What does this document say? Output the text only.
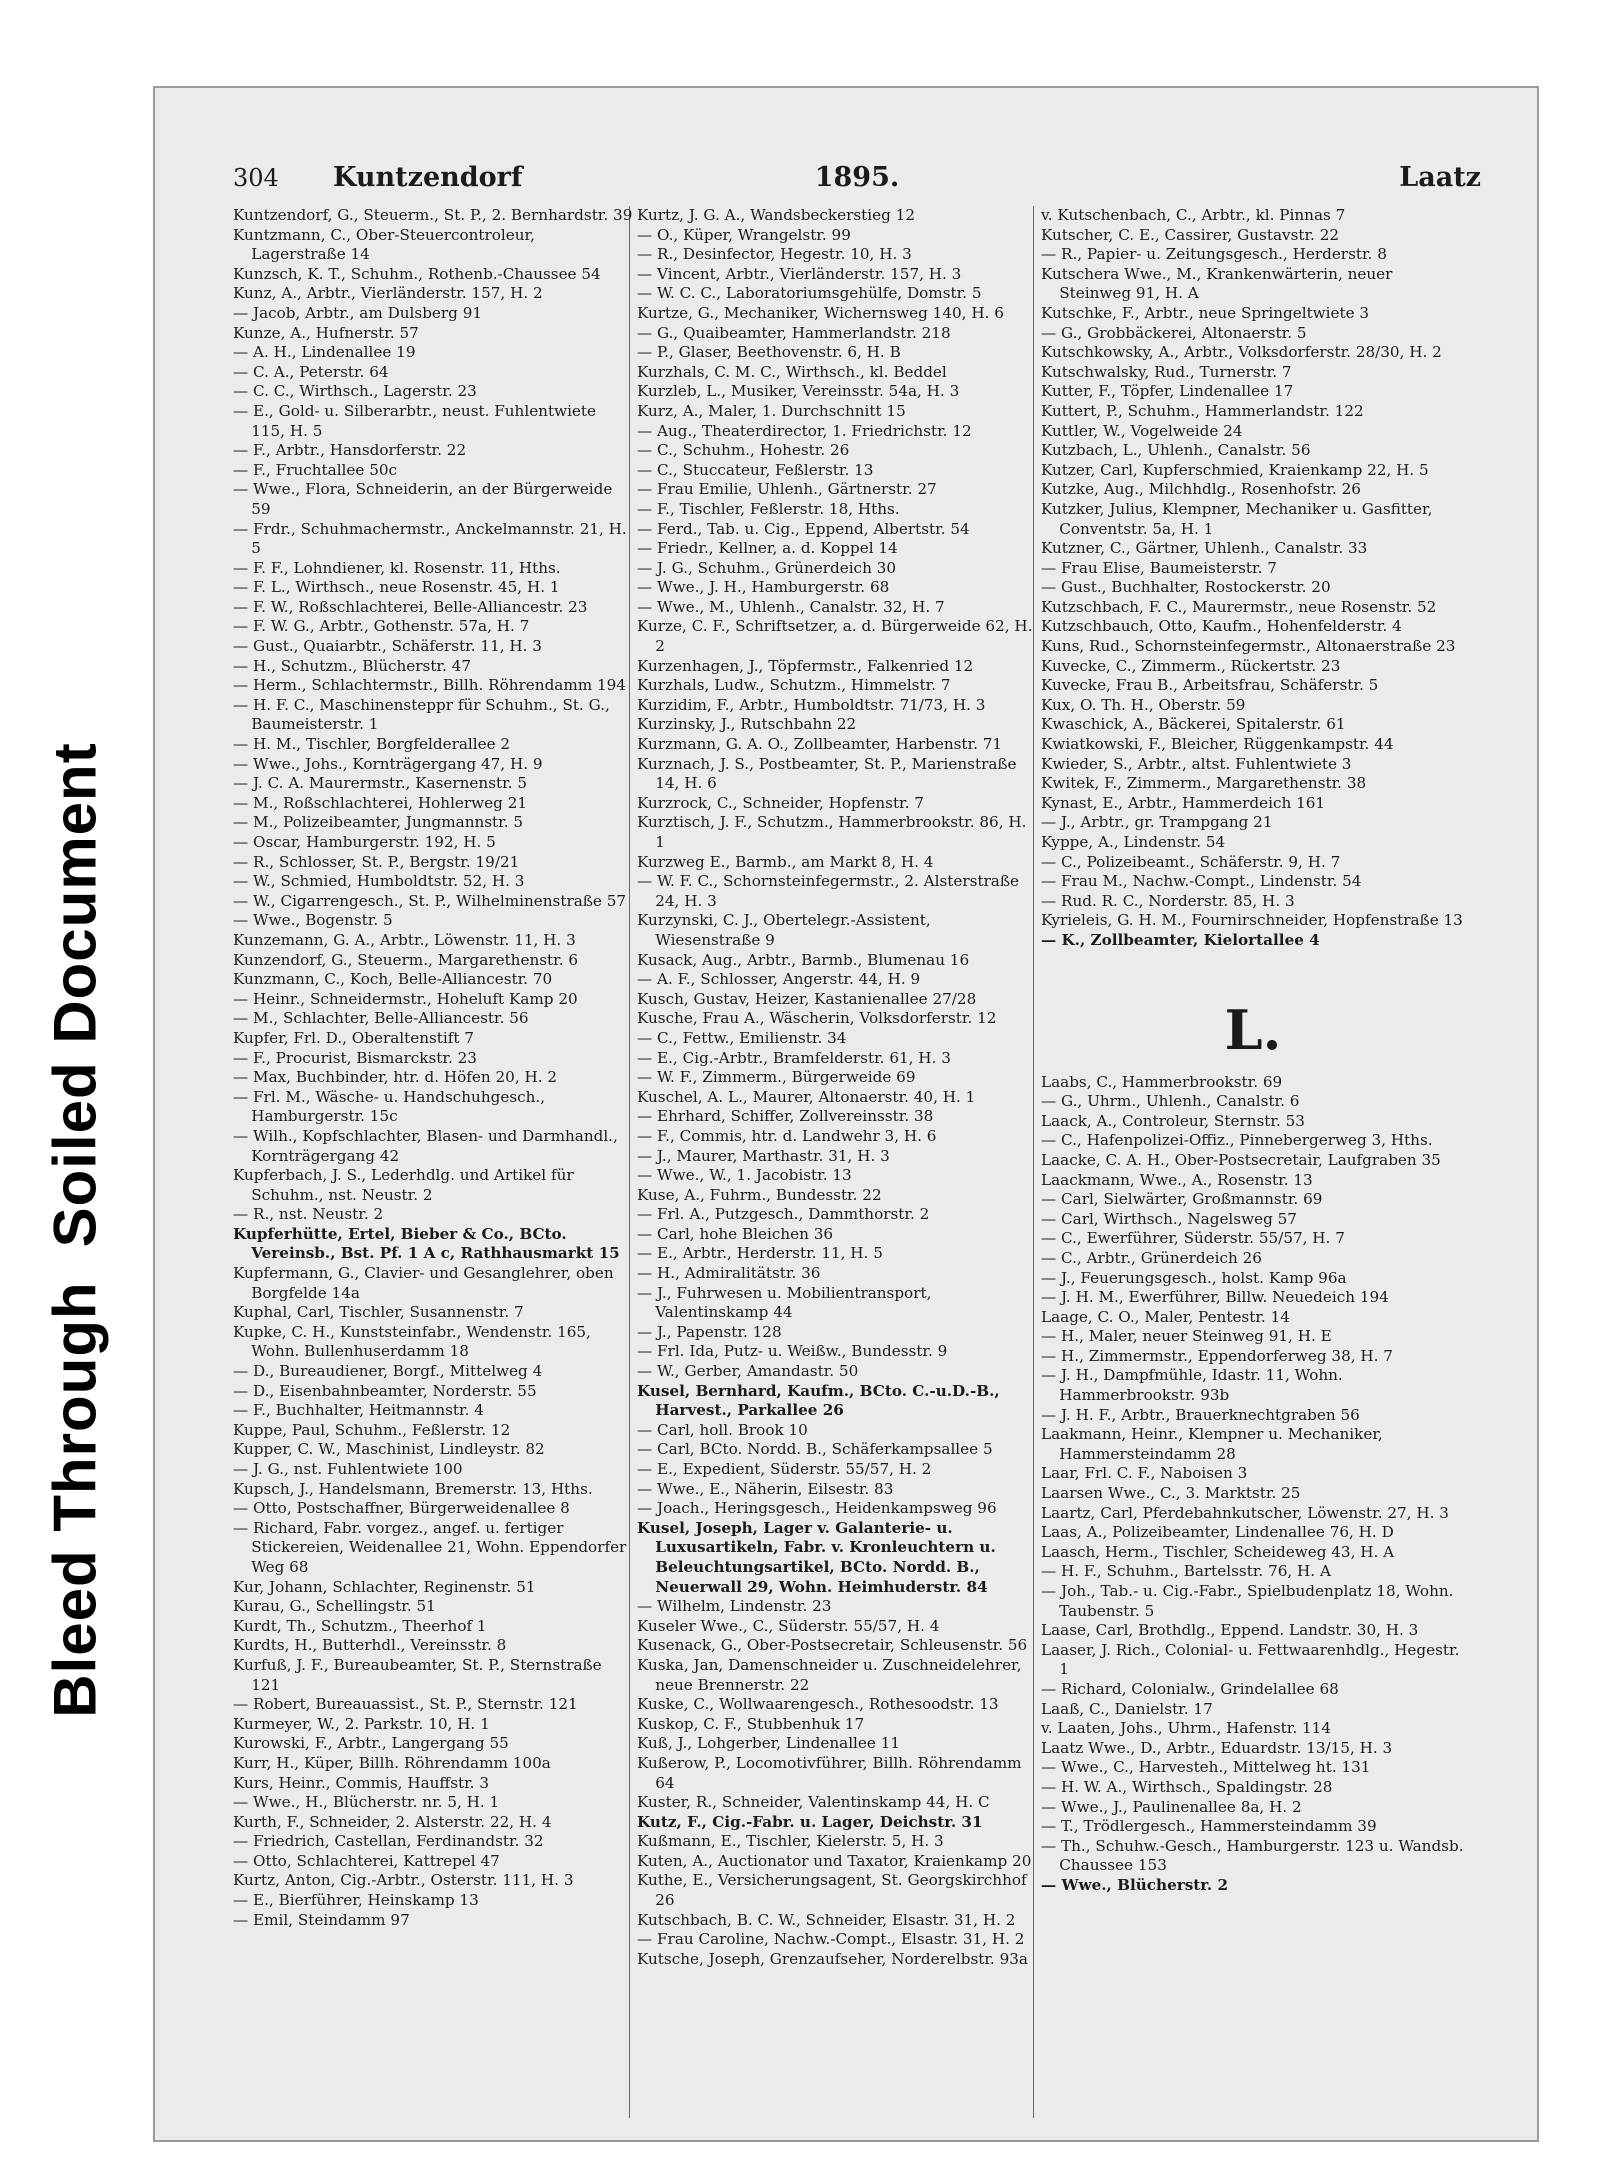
Bleed ThroughSoiled Document
304 Kuntzendorf	1895.	Laatz
Kuntzendorf, G., Steuerm., St. P., 2. Bernhardstr. 39
Kuntzmann, C., Ober-Steuercontroleur, Lagerstraße 14
Kunzsch, K. T., Schuhm., Rothenb.-Chaussee 54
Kunz, A., Arbtr., Vierländerstr. 157, H. 2
— Jacob, Arbtr., am Dulsberg 91
Kunze, A., Hufnerstr. 57
— A. H., Lindenallee 19
— C. A., Peterstr. 64
— C. C., Wirthsch., Lagerstr. 23
— E., Gold- u. Silberarbtr., neust. Fuhlentwiete 115, H. 5
— F., Arbtr., Hansdorferstr. 22
— F., Fruchtallee 50c
— Wwe., Flora, Schneiderin, an der Bürgerweide 59
— Frdr., Schuhmachermstr., Anckelmannstr. 21, H. 5
— F. F., Lohndiener, kl. Rosenstr. 11, Hths.
— F. L., Wirthsch., neue Rosenstr. 45, H. 1
— F. W., Roßschlachterei, Belle-Alliancestr. 23
— F. W. G., Arbtr., Gothenstr. 57a, H. 7
— Gust., Quaiarbtr., Schäferstr. 11, H. 3
— H., Schutzm., Blücherstr. 47
— Herm., Schlachtermstr., Billh. Röhrendamm 194
— H. F. C., Maschinensteppr für Schuhm., St. G., Baumeisterstr. 1
— H. M., Tischler, Borgfelderallee 2
— Wwe., Johs., Kornträgergang 47, H. 9
— J. C. A. Maurermstr., Kasernenstr. 5
— M., Roßschlachterei, Hohlerweg 21
— M., Polizeibeamter, Jungmannstr. 5
— Oscar, Hamburgerstr. 192, H. 5
— R., Schlosser, St. P., Bergstr. 19/21
— W., Schmied, Humboldtstr. 52, H. 3
— W., Cigarrengesch., St. P., Wilhelminenstraße 57
— Wwe., Bogenstr. 5
Kunzemann, G. A., Arbtr., Löwenstr. 11, H. 3
Kunzendorf, G., Steuerm., Margarethenstr. 6
Kunzmann, C., Koch, Belle-Alliancestr. 70
— Heinr., Schneidermstr., Hoheluft Kamp 20
— M., Schlachter, Belle-Alliancestr. 56
Kupfer, Frl. D., Oberaltenstift 7
— F., Procurist, Bismarckstr. 23
— Max, Buchbinder, htr. d. Höfen 20, H. 2
— Frl. M., Wäsche- u. Handschuhgesch., Hamburgerstr. 15c
— Wilh., Kopfschlachter, Blasen- und Darmhandl., Kornträgergang 42
Kupferbach, J. S., Lederhdlg. und Artikel für Schuhm., nst. Neustr. 2
— R., nst. Neustr. 2
Kupferhütte, Ertel, Bieber & Co., BCto. Vereinsb., Bst. Pf. 1 A c, Rathhausmarkt 15
Kupfermann, G., Clavier- und Gesanglehrer, oben Borgfelde 14a
Kuphal, Carl, Tischler, Susannenstr. 7
Kupke, C. H., Kunststeinfabr., Wendenstr. 165, Wohn. Bullenhuserdamm 18
— D., Bureaudiener, Borgf., Mittelweg 4
— D., Eisenbahnbeamter, Norderstr. 55
— F., Buchhalter, Heitmannstr. 4
Kuppe, Paul, Schuhm., Feßlerstr. 12
Kupper, C. W., Maschinist, Lindleystr. 82
— J. G., nst. Fuhlentwiete 100
Kupsch, J., Handelsmann, Bremerstr. 13, Hths.
— Otto, Postschaffner, Bürgerweidenallee 8
— Richard, Fabr. vorgez., angef. u. fertiger Stickereien, Weidenallee 21, Wohn. Eppendorfer Weg 68
Kur, Johann, Schlachter, Reginenstr. 51
Kurau, G., Schellingstr. 51
Kurdt, Th., Schutzm., Theerhof 1
Kurdts, H., Butterhdl., Vereinsstr. 8
Kurfuß, J. F., Bureaubeamter, St. P., Sternstraße 121
— Robert, Bureauassist., St. P., Sternstr. 121
Kurmeyer, W., 2. Parkstr. 10, H. 1
Kurowski, F., Arbtr., Langergang 55
Kurr, H., Küper, Billh. Röhrendamm 100a
Kurs, Heinr., Commis, Hauffstr. 3
— Wwe., H., Blücherstr. nr. 5, H. 1
Kurth, F., Schneider, 2. Alsterstr. 22, H. 4
— Friedrich, Castellan, Ferdinandstr. 32
— Otto, Schlachterei, Kattrepel 47
Kurtz, Anton, Cig.-Arbtr., Osterstr. 111, H. 3
— E., Bierführer, Heinskamp 13
— Emil, Steindamm 97
Kurtz, J. G. A., Wandsbeckerstieg 12
— O., Küper, Wrangelstr. 99
— R., Desinfector, Hegestr. 10, H. 3
— Vincent, Arbtr., Vierländerstr. 157, H. 3
— W. C. C., Laboratoriumsgehülfe, Domstr. 5
Kurtze, G., Mechaniker, Wichernsweg 140, H. 6
— G., Quaibeamter, Hammerlandstr. 218
— P., Glaser, Beethovenstr. 6, H. B
Kurzhals, C. M. C., Wirthsch., kl. Beddel
Kurzleb, L., Musiker, Vereinsstr. 54a, H. 3
Kurz, A., Maler, 1. Durchschnitt 15
— Aug., Theaterdirector, 1. Friedrichstr. 12
— C., Schuhm., Hohestr. 26
— C., Stuccateur, Feßlerstr. 13
— Frau Emilie, Uhlenh., Gärtnerstr. 27
— F., Tischler, Feßlerstr. 18, Hths.
— Ferd., Tab. u. Cig., Eppend, Albertstr. 54
— Friedr., Kellner, a. d. Koppel 14
— J. G., Schuhm., Grünerdeich 30
— Wwe., J. H., Hamburgerstr. 68
— Wwe., M., Uhlenh., Canalstr. 32, H. 7
Kurze, C. F., Schriftsetzer, a. d. Bürgerweide 62, H. 2
Kurzenhagen, J., Töpfermstr., Falkenried 12
Kurzhals, Ludw., Schutzm., Himmelstr. 7
Kurzidim, F., Arbtr., Humboldtstr. 71/73, H. 3
Kurzinsky, J., Rutschbahn 22
Kurzmann, G. A. O., Zollbeamter, Harbenstr. 71
Kurznach, J. S., Postbeamter, St. P., Marienstraße 14, H. 6
Kurzrock, C., Schneider, Hopfenstr. 7
Kurztisch, J. F., Schutzm., Hammerbrookstr. 86, H. 1
Kurzweg E., Barmb., am Markt 8, H. 4
— W. F. C., Schornsteinfegermstr., 2. Alsterstraße 24, H. 3
Kurzynski, C. J., Obertelegr.-Assistent, Wiesenstraße 9
Kusack, Aug., Arbtr., Barmb., Blumenau 16
— A. F., Schlosser, Angerstr. 44, H. 9
Kusch, Gustav, Heizer, Kastanienallee 27/28
Kusche, Frau A., Wäscherin, Volksdorferstr. 12
— C., Fettw., Emilienstr. 34
— E., Cig.-Arbtr., Bramfelderstr. 61, H. 3
— W. F., Zimmerm., Bürgerweide 69
Kuschel, A. L., Maurer, Altonaerstr. 40, H. 1
— Ehrhard, Schiffer, Zollvereinsstr. 38
— F., Commis, htr. d. Landwehr 3, H. 6
— J., Maurer, Marthastr. 31, H. 3
— Wwe., W., 1. Jacobistr. 13
Kuse, A., Fuhrm., Bundesstr. 22
— Frl. A., Putzgesch., Dammthorstr. 2
— Carl, hohe Bleichen 36
— E., Arbtr., Herderstr. 11, H. 5
— H., Admiralitätstr. 36
— J., Fuhrwesen u. Mobilientransport, Valentinskamp 44
— J., Papenstr. 128
— Frl. Ida, Putz- u. Weißw., Bundesstr. 9
— W., Gerber, Amandastr. 50
Kusel, Bernhard, Kaufm., BCto. C.-u.D.-B., Harvest., Parkallee 26
— Carl, holl. Brook 10
— Carl, BCto. Nordd. B., Schäferkampsallee 5
— E., Expedient, Süderstr. 55/57, H. 2
— Wwe., E., Näherin, Eilsestr. 83
— Joach., Heringsgesch., Heidenkampsweg 96
Kusel, Joseph, Lager v. Galanterie- u. Luxusartikeln, Fabr. v. Kronleuchtern u. Beleuchtungsartikel, BCto. Nordd. B., Neuerwall 29, Wohn. Heimhuderstr. 84
— Wilhelm, Lindenstr. 23
Kuseler Wwe., C., Süderstr. 55/57, H. 4
Kusenack, G., Ober-Postsecretair, Schleusenstr. 56
Kuska, Jan, Damenschneider u. Zuschneidelehrer, neue Brennerstr. 22
Kuske, C., Wollwaarengesch., Rothesoodstr. 13
Kuskop, C. F., Stubbenhuk 17
Kuß, J., Lohgerber, Lindenallee 11
Kußerow, P., Locomotivführer, Billh. Röhrendamm 64
Kuster, R., Schneider, Valentinskamp 44, H. C
Kutz, F., Cig.-Fabr. u. Lager, Deichstr. 31
Kußmann, E., Tischler, Kielerstr. 5, H. 3
Kuten, A., Auctionator und Taxator, Kraienkamp 20
Kuthe, E., Versicherungsagent, St. Georgskirchhof 26
Kutschbach, B. C. W., Schneider, Elsastr. 31, H. 2
— Frau Caroline, Nachw.-Compt., Elsastr. 31, H. 2
Kutsche, Joseph, Grenzaufseher, Norderelbstr. 93a
v. Kutschenbach, C., Arbtr., kl. Pinnas 7
Kutscher, C. E., Cassirer, Gustavstr. 22
— R., Papier- u. Zeitungsgesch., Herderstr. 8
Kutschera Wwe., M., Krankenwärterin, neuer Steinweg 91, H. A
Kutschke, F., Arbtr., neue Springeltwiete 3
— G., Grobbäckerei, Altonaerstr. 5
Kutschkowsky, A., Arbtr., Volksdorferstr. 28/30, H. 2
Kutschwalsky, Rud., Turnerstr. 7
Kutter, F., Töpfer, Lindenallee 17
Kuttert, P., Schuhm., Hammerlandstr. 122
Kuttler, W., Vogelweide 24
Kutzbach, L., Uhlenh., Canalstr. 56
Kutzer, Carl, Kupferschmied, Kraienkamp 22, H. 5
Kutzke, Aug., Milchhdlg., Rosenhofstr. 26
Kutzker, Julius, Klempner, Mechaniker u. Gasfitter, Conventstr. 5a, H. 1
Kutzner, C., Gärtner, Uhlenh., Canalstr. 33
— Frau Elise, Baumeisterstr. 7
— Gust., Buchhalter, Rostockerstr. 20
Kutzschbach, F. C., Maurermstr., neue Rosenstr. 52
Kutzschbauch, Otto, Kaufm., Hohenfelderstr. 4
Kuns, Rud., Schornsteinfegermstr., Altonaerstraße 23
Kuvecke, C., Zimmerm., Rückertstr. 23
Kuvecke, Frau B., Arbeitsfrau, Schäferstr. 5
Kux, O. Th. H., Oberstr. 59
Kwaschick, A., Bäckerei, Spitalerstr. 61
Kwiatkowski, F., Bleicher, Rüggenkampstr. 44
Kwieder, S., Arbtr., altst. Fuhlentwiete 3
Kwitek, F., Zimmerm., Margarethenstr. 38
Kynast, E., Arbtr., Hammerdeich 161
— J., Arbtr., gr. Trampgang 21
Kyppe, A., Lindenstr. 54
— C., Polizeibeamt., Schäferstr. 9, H. 7
— Frau M., Nachw.-Compt., Lindenstr. 54
— Rud. R. C., Norderstr. 85, H. 3
Kyrieleis, G. H. M., Fournirschneider, Hopfenstraße 13
— K., Zollbeamter, Kielortallee 4
L.
Laabs, C., Hammerbrookstr. 69
— G., Uhrm., Uhlenh., Canalstr. 6
Laack, A., Controleur, Sternstr. 53
— C., Hafenpolizei-Offiz., Pinnebergerweg 3, Hths.
Laacke, C. A. H., Ober-Postsecretair, Laufgraben 35
Laackmann, Wwe., A., Rosenstr. 13
— Carl, Sielwärter, Großmannstr. 69
— Carl, Wirthsch., Nagelsweg 57
— C., Ewerführer, Süderstr. 55/57, H. 7
— C., Arbtr., Grünerdeich 26
— J., Feuerungsgesch., holst. Kamp 96a
— J. H. M., Ewerführer, Billw. Neuedeich 194
Laage, C. O., Maler, Pentestr. 14
— H., Maler, neuer Steinweg 91, H. E
— H., Zimmermstr., Eppendorferweg 38, H. 7
— J. H., Dampfmühle, Idastr. 11, Wohn. Hammerbrookstr. 93b
— J. H. F., Arbtr., Brauerknechtgraben 56
Laakmann, Heinr., Klempner u. Mechaniker, Hammersteindamm 28
Laar, Frl. C. F., Naboisen 3
Laarsen Wwe., C., 3. Marktstr. 25
Laartz, Carl, Pferdebahnkutscher, Löwenstr. 27, H. 3
Laas, A., Polizeibeamter, Lindenallee 76, H. D
Laasch, Herm., Tischler, Scheideweg 43, H. A
— H. F., Schuhm., Bartelsstr. 76, H. A
— Joh., Tab.- u. Cig.-Fabr., Spielbudenplatz 18, Wohn. Taubenstr. 5
Laase, Carl, Brothdlg., Eppend. Landstr. 30, H. 3
Laaser, J. Rich., Colonial- u. Fettwaarenhdlg., Hegestr. 1
— Richard, Colonialw., Grindelallee 68
Laaß, C., Danielstr. 17
v. Laaten, Johs., Uhrm., Hafenstr. 114
Laatz Wwe., D., Arbtr., Eduardstr. 13/15, H. 3
— Wwe., C., Harvesteh., Mittelweg ht. 131
— H. W. A., Wirthsch., Spaldingstr. 28
— Wwe., J., Paulinenallee 8a, H. 2
— T., Trödlergesch., Hammersteindamm 39
— Th., Schuhw.-Gesch., Hamburgerstr. 123 u. Wandsb. Chaussee 153
— Wwe., Blücherstr. 2
